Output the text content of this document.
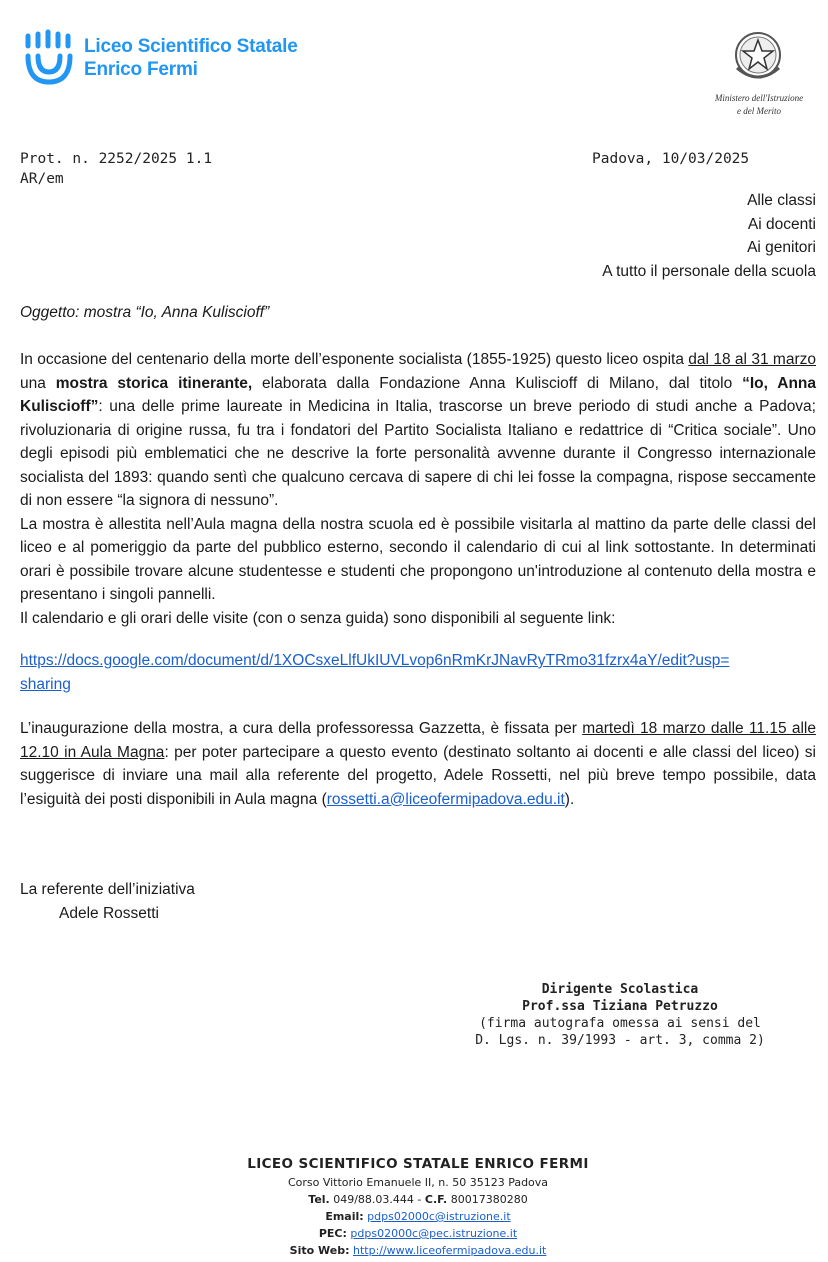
Liceo Scientifico Statale
Enrico Fermi
Ministero dell'Istruzione
e del Merito
Prot. n. 2252/2025 1.1
AR/em
Padova, 10/03/2025
Alle classi
Ai docenti
Ai genitori
A tutto il personale della scuola
Oggetto: mostra “Io, Anna Kuliscioff”

In occasione del centenario della morte dell’esponente socialista (1855-1925) questo liceo ospita dal 18 al 31 marzo una mostra storica itinerante, elaborata dalla Fondazione Anna Kuliscioff di Milano, dal titolo “Io, Anna Kuliscioff”: una delle prime laureate in Medicina in Italia, trascorse un breve periodo di studi anche a Padova; rivoluzionaria di origine russa, fu tra i fondatori del Partito Socialista Italiano e redattrice di “Critica sociale”. Uno degli episodi più emblematici che ne descrive la forte personalità avvenne durante il Congresso internazionale socialista del 1893: quando sentì che qualcuno cercava di sapere di chi lei fosse la compagna, rispose seccamente di non essere “la signora di nessuno”.

La mostra è allestita nell’Aula magna della nostra scuola ed è possibile visitarla al mattino da parte delle classi del liceo e al pomeriggio da parte del pubblico esterno, secondo il calendario di cui al link sottostante. In determinati orari è possibile trovare alcune studentesse e studenti che propongono un'introduzione al contenuto della mostra e presentano i singoli pannelli.

Il calendario e gli orari delle visite (con o senza guida) sono disponibili al seguente link:

https://docs.google.com/document/d/1XOCsxeLlfUkIUVLvop6nRmKrJNavRyTRmo31fzrx4aY/edit?usp=
sharing

L’inaugurazione della mostra, a cura della professoressa Gazzetta, è fissata per martedì 18 marzo dalle 11.15 alle 12.10 in Aula Magna: per poter partecipare a questo evento (destinato soltanto ai docenti e alle classi del liceo) si suggerisce di inviare una mail alla referente del progetto, Adele Rossetti, nel più breve tempo possibile, data l’esiguità dei posti disponibili in Aula magna (rossetti.a@liceofermipadova.edu.it).

La referente dell’iniziativa
Adele Rossetti
Dirigente Scolastica
Prof.ssa Tiziana Petruzzo
(firma autografa omessa ai sensi del
D. Lgs. n. 39/1993 - art. 3, comma 2)
LICEO SCIENTIFICO STATALE ENRICO FERMI
Corso Vittorio Emanuele II, n. 50 35123 Padova
Tel. 049/88.03.444 - C.F. 80017380280
Email: pdps02000c@istruzione.it
PEC: pdps02000c@pec.istruzione.it
Sito Web: http://www.liceofermipadova.edu.it
